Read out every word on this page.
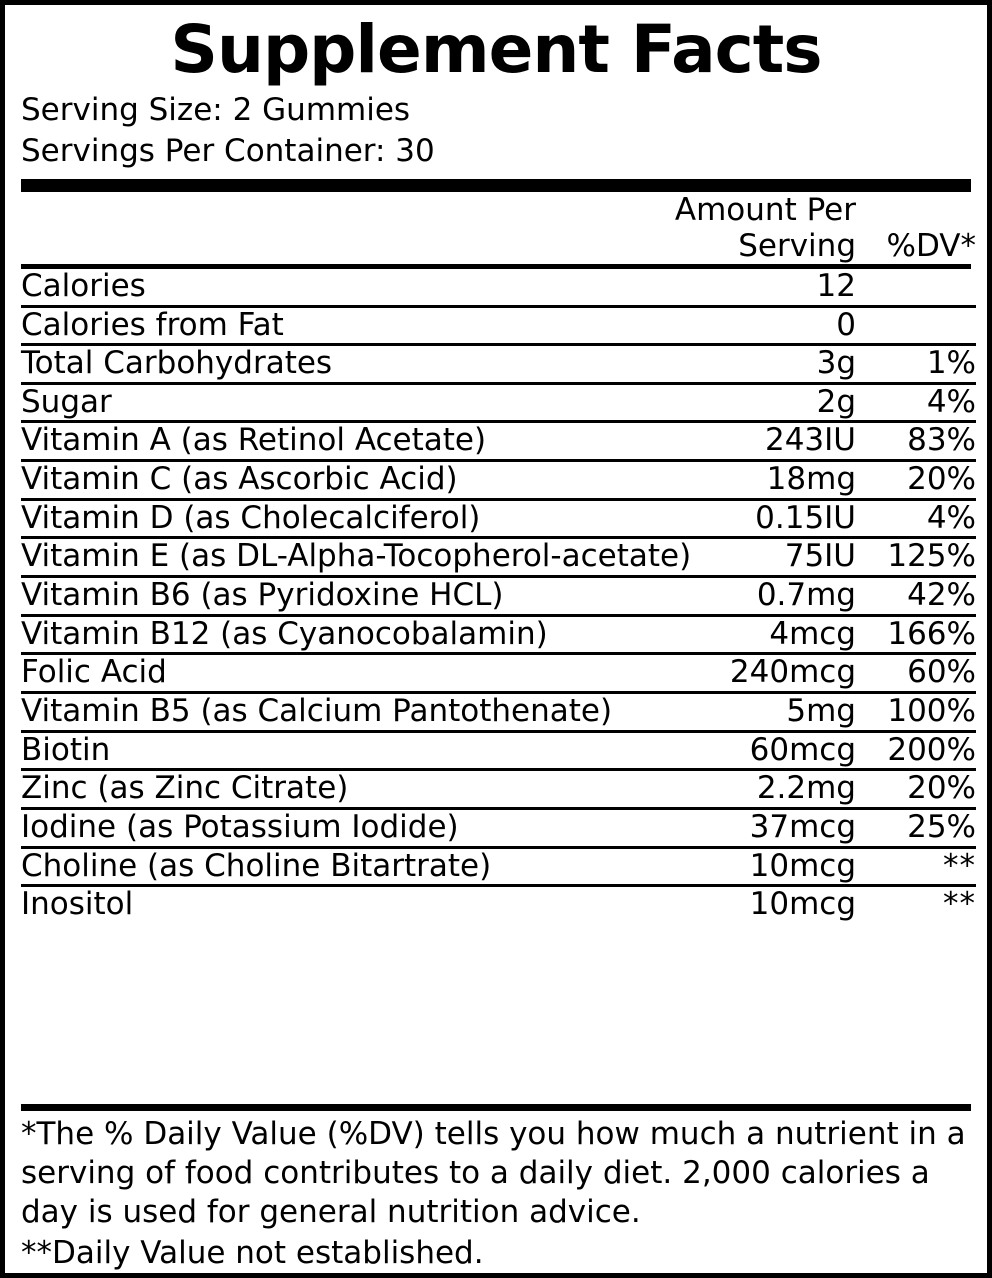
Supplement Facts
Serving Size: 2 Gummies
Servings Per Container: 30
	Amount Per Serving	%DV*
Calories	12	
Calories from Fat	0	
Total Carbohydrates	3g	1%
Sugar	2g	4%
Vitamin A (as Retinol Acetate)	243IU	83%
Vitamin C (as Ascorbic Acid)	18mg	20%
Vitamin D (as Cholecalciferol)	0.15IU	4%
Vitamin E (as DL-Alpha-Tocopherol-acetate)	75IU	125%
Vitamin B6 (as Pyridoxine HCL)	0.7mg	42%
Vitamin B12 (as Cyanocobalamin)	4mcg	166%
Folic Acid	240mcg	60%
Vitamin B5 (as Calcium Pantothenate)	5mg	100%
Biotin	60mcg	200%
Zinc (as Zinc Citrate)	2.2mg	20%
Iodine (as Potassium Iodide)	37mcg	25%
Choline (as Choline Bitartrate)	10mcg	**
Inositol	10mcg	**
*The % Daily Value (%DV) tells you how much a nutrient in a serving of food contributes to a daily diet. 2,000 calories a day is used for general nutrition advice.
**Daily Value not established.
